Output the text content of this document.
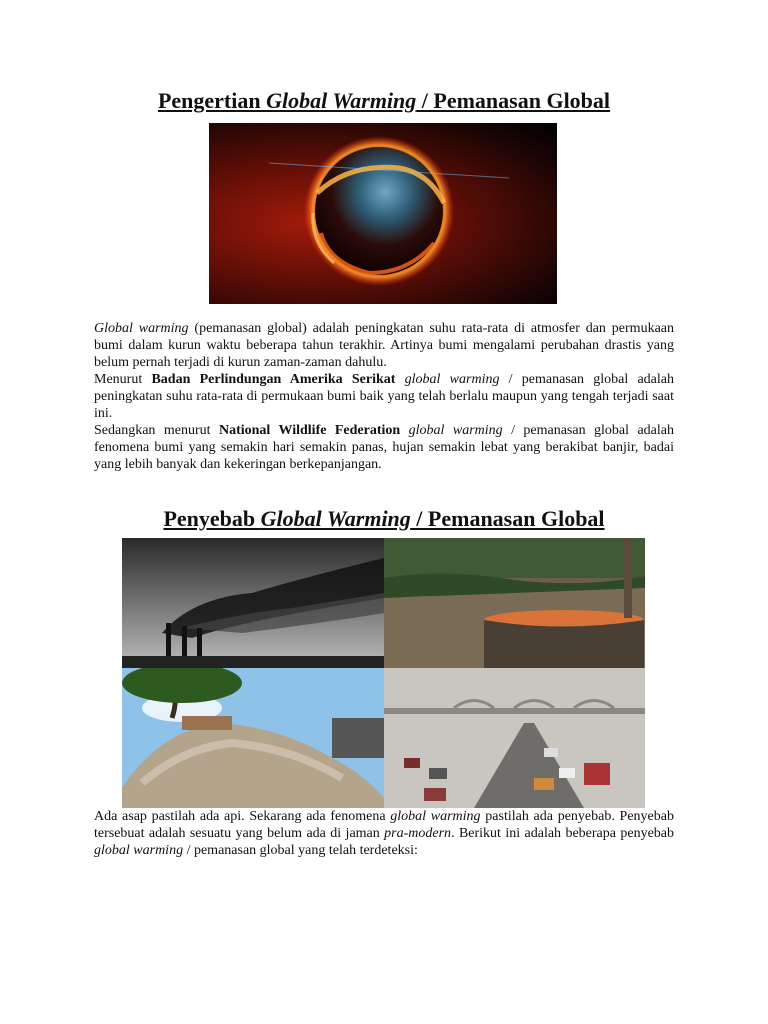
Pengertian Global Warming / Pemanasan Global

Global warming (pemanasan global) adalah peningkatan suhu rata-rata di atmosfer dan permukaan bumi dalam kurun waktu beberapa tahun terakhir. Artinya bumi mengalami perubahan drastis yang belum pernah terjadi di kurun zaman-zaman dahulu.

Menurut Badan Perlindungan Amerika Serikat global warming / pemanasan global adalah peningkatan suhu rata-rata di permukaan bumi baik yang telah berlalu maupun yang tengah terjadi saat ini.

Sedangkan menurut National Wildlife Federation global warming / pemanasan global adalah fenomena bumi yang semakin hari semakin panas, hujan semakin lebat yang berakibat banjir, badai yang lebih banyak dan kekeringan berkepanjangan.

Penyebab Global Warming / Pemanasan Global

Ada asap pastilah ada api. Sekarang ada fenomena global warming pastilah ada penyebab. Penyebab tersebuat adalah sesuatu yang belum ada di jaman pra-modern. Berikut ini adalah beberapa penyebab global warming / pemanasan global yang telah terdeteksi:
